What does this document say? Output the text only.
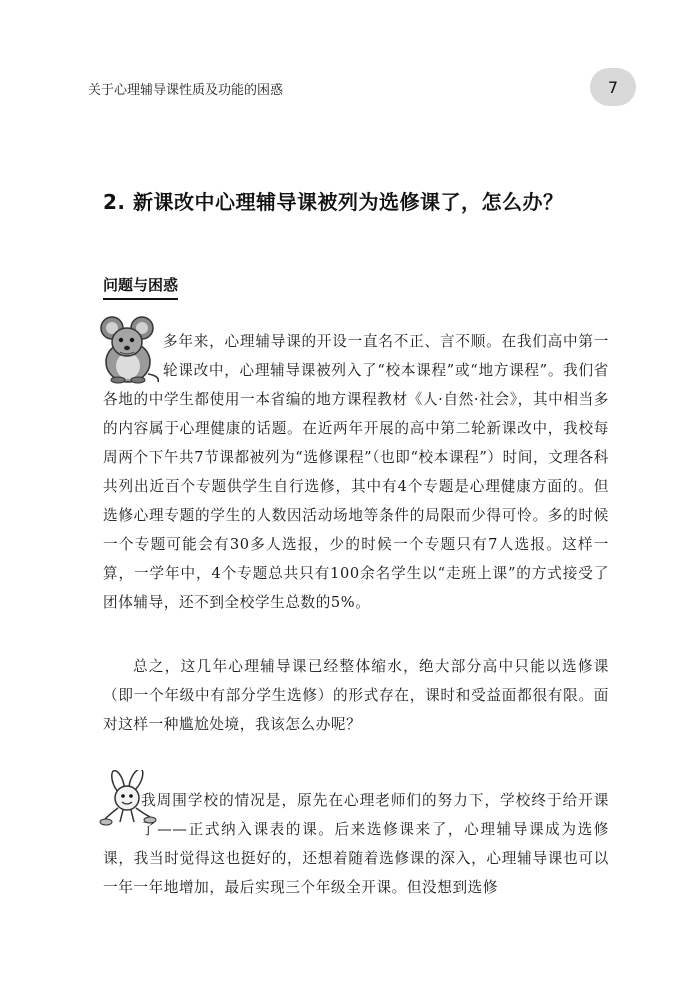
关于心理辅导课性质及功能的困惑	7
2. 新课改中心理辅导课被列为选修课了，怎么办？
问题与困惑

多年来，心理辅导课的开设一直名不正、言不顺。在我们高中第一轮课改中，心理辅导课被列入了“校本课程”或“地方课程”。我们省各地的中学生都使用一本省编的地方课程教材《人·自然·社会》，其中相当多的内容属于心理健康的话题。在近两年开展的高中第二轮新课改中，我校每周两个下午共7节课都被列为“选修课程”（也即“校本课程”）时间，文理各科共列出近百个专题供学生自行选修，其中有4个专题是心理健康方面的。但选修心理专题的学生的人数因活动场地等条件的局限而少得可怜。多的时候一个专题可能会有30多人选报，少的时候一个专题只有7人选报。这样一算，一学年中，4个专题总共只有100余名学生以“走班上课”的方式接受了团体辅导，还不到全校学生总数的5%。

总之，这几年心理辅导课已经整体缩水，绝大部分高中只能以选修课（即一个年级中有部分学生选修）的形式存在，课时和受益面都很有限。面对这样一种尴尬处境，我该怎么办呢？

我周围学校的情况是，原先在心理老师们的努力下，学校终于给开课了——正式纳入课表的课。后来选修课来了，心理辅导课成为选修课，我当时觉得这也挺好的，还想着随着选修课的深入，心理辅导课也可以一年一年地增加，最后实现三个年级全开课。但没想到选修
